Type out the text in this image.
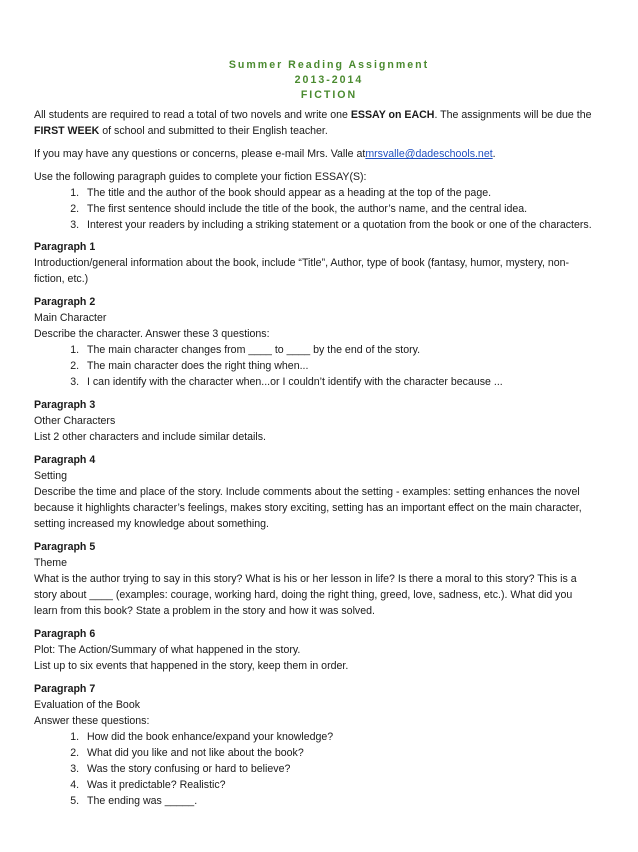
Summer Reading Assignment
2013-2014
FICTION

All students are required to read a total of two novels and write one ESSAY on EACH. The assignments will be due the FIRST WEEK of school and submitted to their English teacher.

If you may have any questions or concerns, please e-mail Mrs. Valle atmrsvalle@dadeschools.net.

Use the following paragraph guides to complete your fiction ESSAY(S):

1. The title and the author of the book should appear as a heading at the top of the page.
2. The first sentence should include the title of the book, the author’s name, and the central idea.
3. Interest your readers by including a striking statement or a quotation from the book or one of the characters.
Paragraph 1
Introduction/general information about the book, include “Title”, Author, type of book (fantasy, humor, mystery, non-fiction, etc.)
Paragraph 2
Main Character
Describe the character. Answer these 3 questions:
1. The main character changes from ____ to ____ by the end of the story.
2. The main character does the right thing when...
3. I can identify with the character when...or I couldn’t identify with the character because ...
Paragraph 3
Other Characters
List 2 other characters and include similar details.
Paragraph 4
Setting
Describe the time and place of the story. Include comments about the setting - examples: setting enhances the novel because it highlights character’s feelings, makes story exciting, setting has an important effect on the main character, setting increased my knowledge about something.
Paragraph 5
Theme
What is the author trying to say in this story? What is his or her lesson in life? Is there a moral to this story? This is a story about ____ (examples: courage, working hard, doing the right thing, greed, love, sadness, etc.). What did you learn from this book? State a problem in the story and how it was solved.
Paragraph 6
Plot: The Action/Summary of what happened in the story.
List up to six events that happened in the story, keep them in order.
Paragraph 7
Evaluation of the Book
Answer these questions:
1. How did the book enhance/expand your knowledge?
2. What did you like and not like about the book?
3. Was the story confusing or hard to believe?
4. Was it predictable? Realistic?
5. The ending was _____.
